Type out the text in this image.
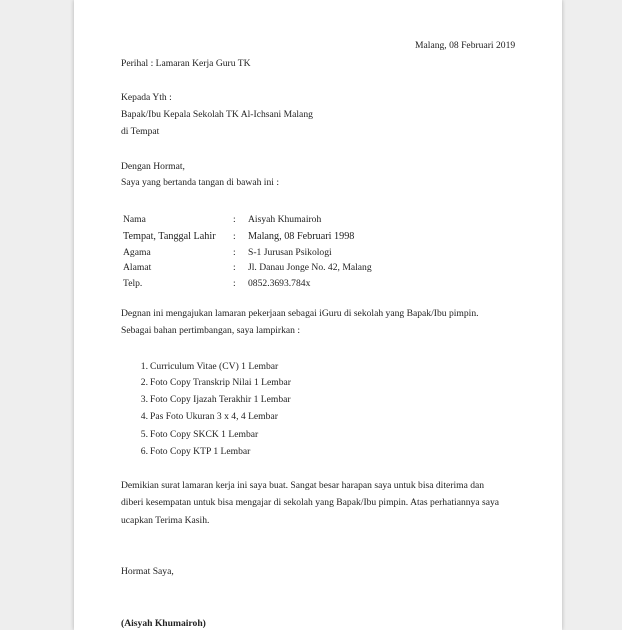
Malang, 08 Februari 2019
Perihal : Lamaran Kerja Guru TK
Kepada Yth :
Bapak/Ibu Kepala Sekolah TK Al-Ichsani Malang
di Tempat
Dengan Hormat,
Saya yang bertanda tangan di bawah ini :
Nama	: Aisyah Khumairoh
Tempat, Tanggal Lahir : Malang, 08 Februari 1998
Agama	: S-1 Jurusan Psikologi
Alamat	: Jl. Danau Jonge No. 42, Malang
Telp.	: 0852.3693.784x
Degnan ini mengajukan lamaran pekerjaan sebagai iGuru di sekolah yang Bapak/Ibu pimpin.
Sebagai bahan pertimbangan, saya lampirkan :
1. Curriculum Vitae (CV) 1 Lembar
2. Foto Copy Transkrip Nilai 1 Lembar
3. Foto Copy Ijazah Terakhir 1 Lembar
4. Pas Foto Ukuran 3 x 4, 4 Lembar
5. Foto Copy SKCK 1 Lembar
6. Foto Copy KTP 1 Lembar
Demikian surat lamaran kerja ini saya buat. Sangat besar harapan saya untuk bisa diterima dan
diberi kesempatan untuk bisa mengajar di sekolah yang Bapak/Ibu pimpin. Atas perhatiannya saya
ucapkan Terima Kasih.
Hormat Saya,
(Aisyah Khumairoh)
